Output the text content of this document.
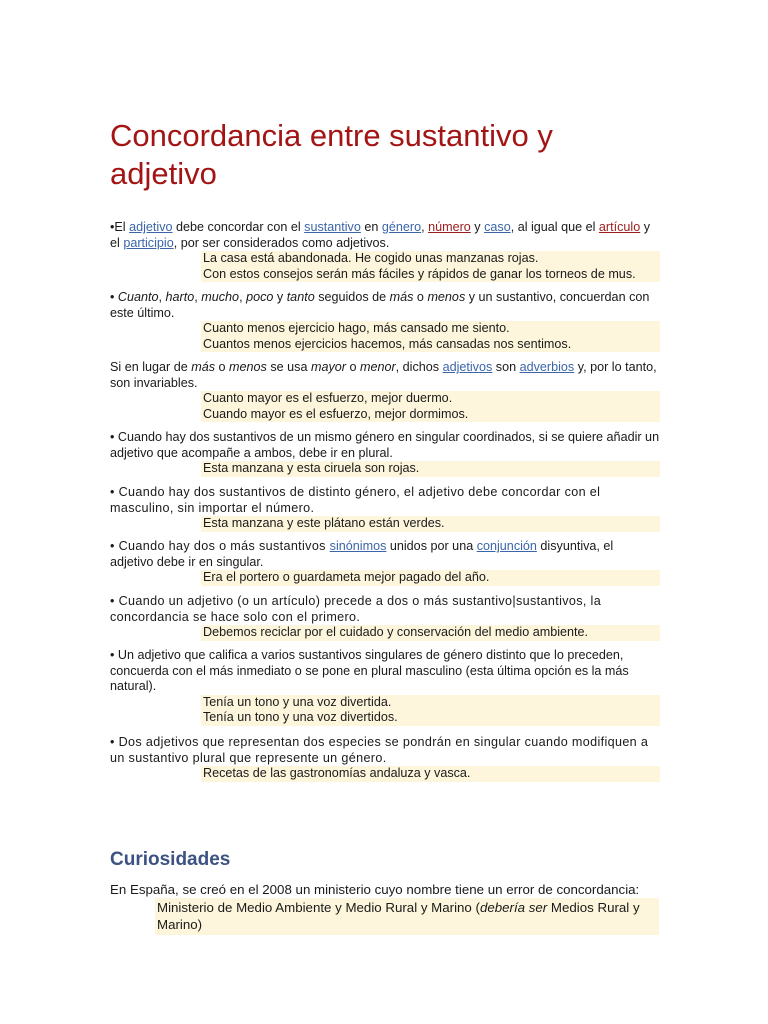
Concordancia entre sustantivo y adjetivo

•El adjetivo debe concordar con el sustantivo en género, número y caso, al igual que el artículo y el participio, por ser considerados como adjetivos.

La casa está abandonada. He cogido unas manzanas rojas.
Con estos consejos serán más fáciles y rápidos de ganar los torneos de mus.

• Cuanto, harto, mucho, poco y tanto seguidos de más o menos y un sustantivo, concuerdan con este último.

Cuanto menos ejercicio hago, más cansado me siento.
Cuantos menos ejercicios hacemos, más cansadas nos sentimos.

Si en lugar de más o menos se usa mayor o menor, dichos adjetivos son adverbios y, por lo tanto, son invariables.

Cuanto mayor es el esfuerzo, mejor duermo.
Cuando mayor es el esfuerzo, mejor dormimos.

• Cuando hay dos sustantivos de un mismo género en singular coordinados, si se quiere añadir un adjetivo que acompañe a ambos, debe ir en plural.

Esta manzana y esta ciruela son rojas.

• Cuando hay dos sustantivos de distinto género, el adjetivo debe concordar con el masculino, sin importar el número.

Esta manzana y este plátano están verdes.

• Cuando hay dos o más sustantivos sinónimos unidos por una conjunción disyuntiva, el adjetivo debe ir en singular.

Era el portero o guardameta mejor pagado del año.

• Cuando un adjetivo (o un artículo) precede a dos o más sustantivo|sustantivos, la concordancia se hace solo con el primero.

Debemos reciclar por el cuidado y conservación del medio ambiente.

• Un adjetivo que califica a varios sustantivos singulares de género distinto que lo preceden, concuerda con el más inmediato o se pone en plural masculino (esta última opción es la más natural).

Tenía un tono y una voz divertida.
Tenía un tono y una voz divertidos.

• Dos adjetivos que representan dos especies se pondrán en singular cuando modifiquen a un sustantivo plural que represente un género.

Recetas de las gastronomías andaluza y vasca.
Curiosidades

En España, se creó en el 2008 un ministerio cuyo nombre tiene un error de concordancia:

Ministerio de Medio Ambiente y Medio Rural y Marino (debería ser Medios Rural y Marino)
